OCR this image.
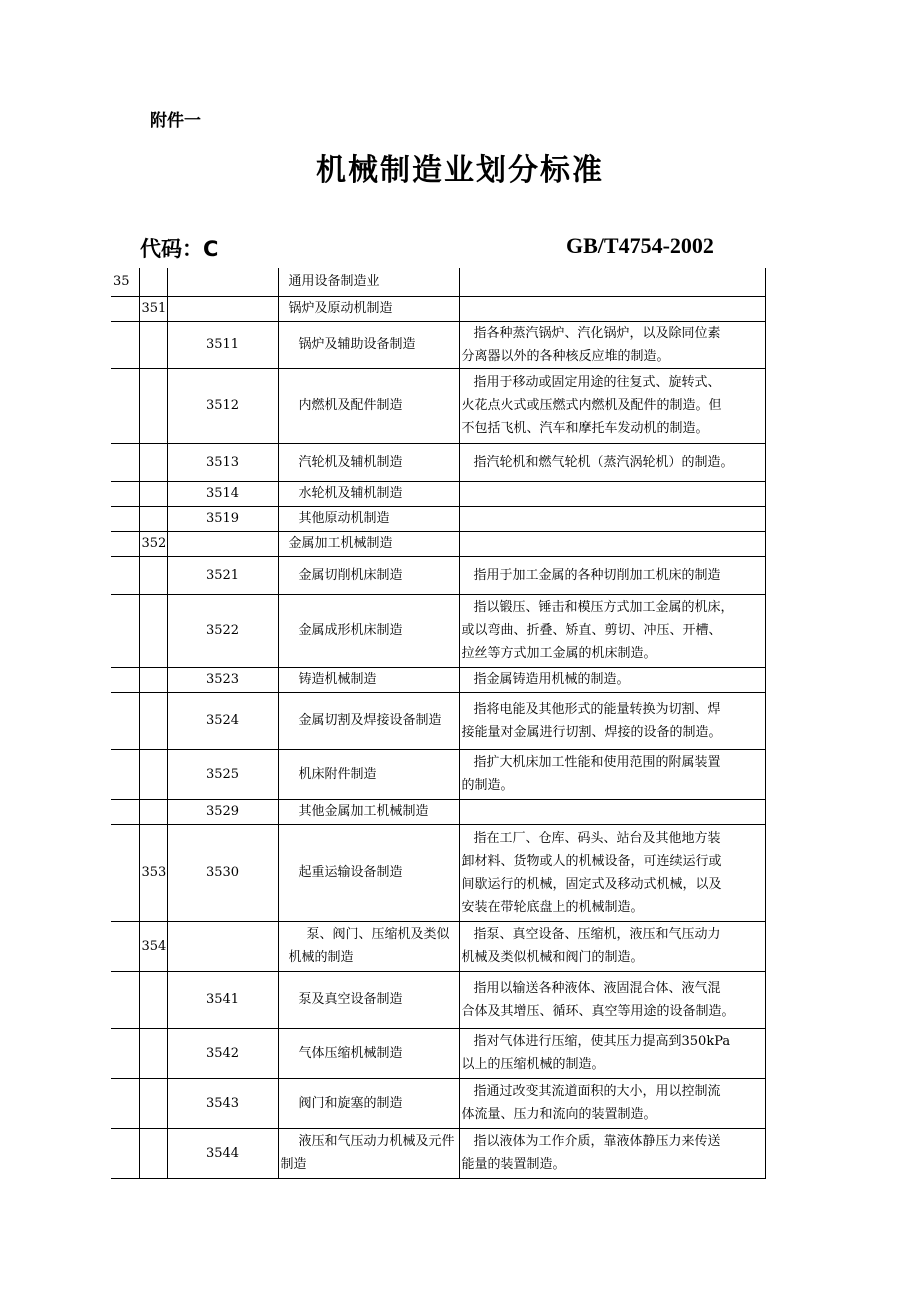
附件一
机械制造业划分标准
代码：C	GB/T4754-2002
35			通用设备制造业	
	351		锅炉及原动机制造	
		3511	锅炉及辅助设备制造	指各种蒸汽锅炉、汽化锅炉，以及除同位素
分离器以外的各种核反应堆的制造。

		3512	内燃机及配件制造	指用于移动或固定用途的往复式、旋转式、
火花点火式或压燃式内燃机及配件的制造。但
不包括飞机、汽车和摩托车发动机的制造。

		3513	汽轮机及辅机制造	指汽轮机和燃气轮机（蒸汽涡轮机）的制造。

		3514	水轮机及辅机制造	
		3519	其他原动机制造	
	352		金属加工机械制造	
		3521	金属切削机床制造	指用于加工金属的各种切削加工机床的制造

		3522	金属成形机床制造	指以锻压、锤击和模压方式加工金属的机床，
或以弯曲、折叠、矫直、剪切、冲压、开槽、
拉丝等方式加工金属的机床制造。

		3523	铸造机械制造	指金属铸造用机械的制造。

		3524	金属切割及焊接设备制造	指将电能及其他形式的能量转换为切割、焊
接能量对金属进行切割、焊接的设备的制造。

		3525	机床附件制造	指扩大机床加工性能和使用范围的附属装置
的制造。

		3529	其他金属加工机械制造	
	353	3530	起重运输设备制造	指在工厂、仓库、码头、站台及其他地方装
卸材料、货物或人的机械设备，可连续运行或
间歇运行的机械，固定式及移动式机械，以及
安装在带轮底盘上的机械制造。

	354		泵、阀门、压缩机及类似机械的制造	指泵、真空设备、压缩机，液压和气压动力
机械及类似机械和阀门的制造。

		3541	泵及真空设备制造	指用以输送各种液体、液固混合体、液气混
合体及其增压、循环、真空等用途的设备制造。

		3542	气体压缩机械制造	指对气体进行压缩，使其压力提高到350kPa
以上的压缩机械的制造。

		3543	阀门和旋塞的制造	指通过改变其流道面积的大小，用以控制流
体流量、压力和流向的装置制造。

		3544	液压和气压动力机械及元件制造	指以液体为工作介质，靠液体静压力来传送
能量的装置制造。
